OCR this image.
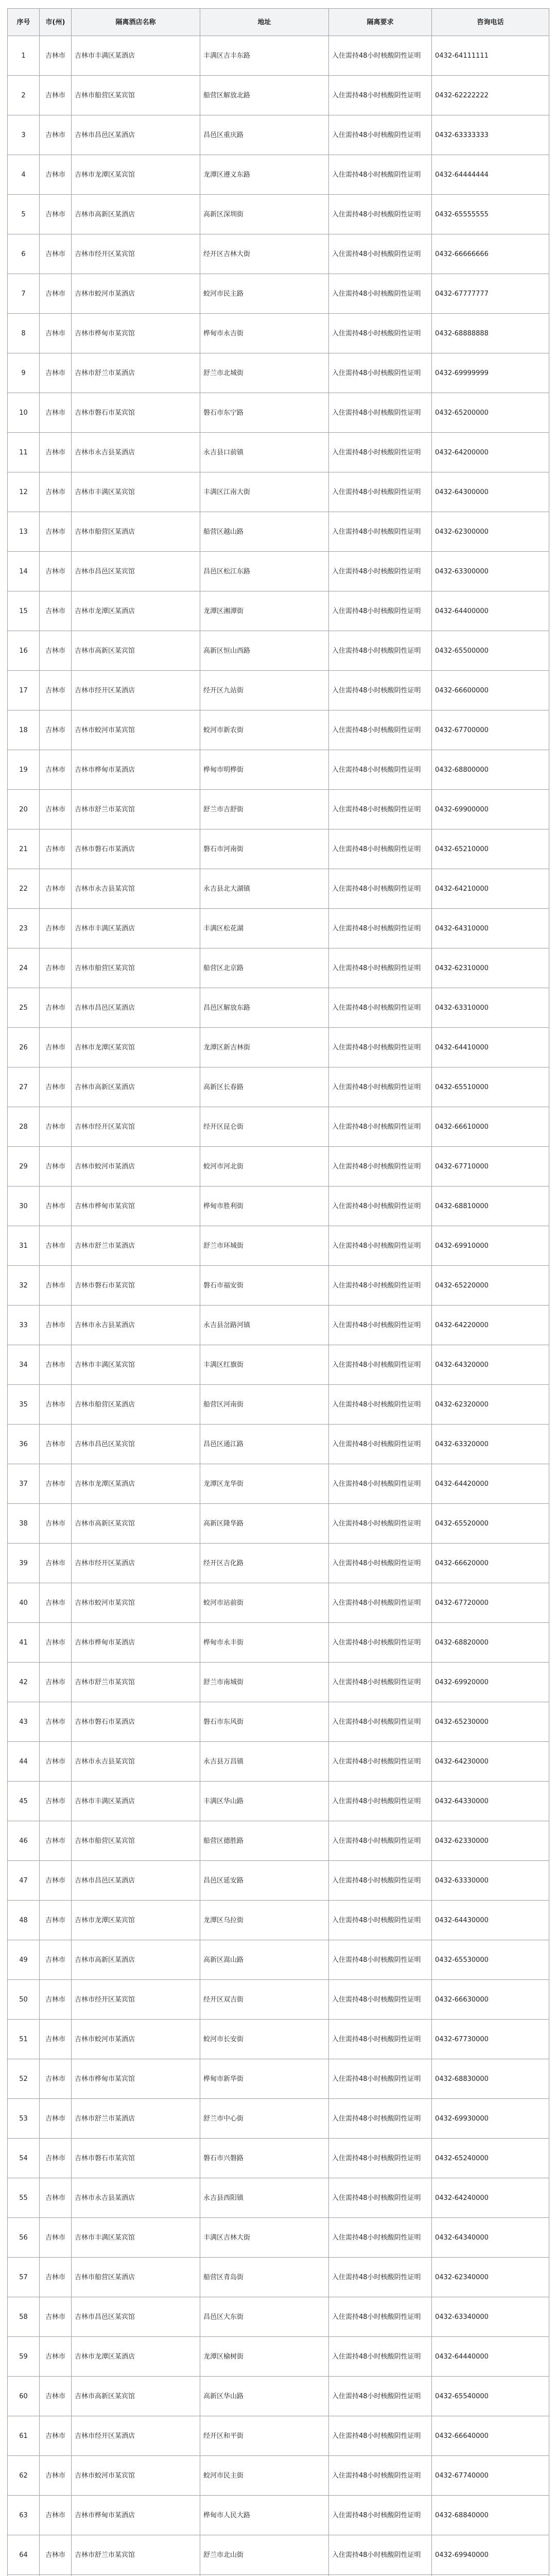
序号	市(州)	隔离酒店名称	地址	隔离要求	咨询电话
1	吉林市	吉林市丰满区某酒店	丰满区吉丰东路	入住需持48小时核酸阴性证明	0432-64111111
2	吉林市	吉林市船营区某宾馆	船营区解放北路	入住需持48小时核酸阴性证明	0432-62222222
3	吉林市	吉林市昌邑区某酒店	昌邑区重庆路	入住需持48小时核酸阴性证明	0432-63333333
4	吉林市	吉林市龙潭区某宾馆	龙潭区遵义东路	入住需持48小时核酸阴性证明	0432-64444444
5	吉林市	吉林市高新区某酒店	高新区深圳街	入住需持48小时核酸阴性证明	0432-65555555
6	吉林市	吉林市经开区某宾馆	经开区吉林大街	入住需持48小时核酸阴性证明	0432-66666666
7	吉林市	吉林市蛟河市某酒店	蛟河市民主路	入住需持48小时核酸阴性证明	0432-67777777
8	吉林市	吉林市桦甸市某宾馆	桦甸市永吉街	入住需持48小时核酸阴性证明	0432-68888888
9	吉林市	吉林市舒兰市某酒店	舒兰市北城街	入住需持48小时核酸阴性证明	0432-69999999
10	吉林市	吉林市磐石市某宾馆	磐石市东宁路	入住需持48小时核酸阴性证明	0432-65200000
11	吉林市	吉林市永吉县某酒店	永吉县口前镇	入住需持48小时核酸阴性证明	0432-64200000
12	吉林市	吉林市丰满区某宾馆	丰满区江南大街	入住需持48小时核酸阴性证明	0432-64300000
13	吉林市	吉林市船营区某酒店	船营区越山路	入住需持48小时核酸阴性证明	0432-62300000
14	吉林市	吉林市昌邑区某宾馆	昌邑区松江东路	入住需持48小时核酸阴性证明	0432-63300000
15	吉林市	吉林市龙潭区某酒店	龙潭区湘潭街	入住需持48小时核酸阴性证明	0432-64400000
16	吉林市	吉林市高新区某宾馆	高新区恒山西路	入住需持48小时核酸阴性证明	0432-65500000
17	吉林市	吉林市经开区某酒店	经开区九站街	入住需持48小时核酸阴性证明	0432-66600000
18	吉林市	吉林市蛟河市某宾馆	蛟河市新农街	入住需持48小时核酸阴性证明	0432-67700000
19	吉林市	吉林市桦甸市某酒店	桦甸市明桦街	入住需持48小时核酸阴性证明	0432-68800000
20	吉林市	吉林市舒兰市某宾馆	舒兰市吉舒街	入住需持48小时核酸阴性证明	0432-69900000
21	吉林市	吉林市磐石市某酒店	磐石市河南街	入住需持48小时核酸阴性证明	0432-65210000
22	吉林市	吉林市永吉县某宾馆	永吉县北大湖镇	入住需持48小时核酸阴性证明	0432-64210000
23	吉林市	吉林市丰满区某酒店	丰满区松花湖	入住需持48小时核酸阴性证明	0432-64310000
24	吉林市	吉林市船营区某宾馆	船营区北京路	入住需持48小时核酸阴性证明	0432-62310000
25	吉林市	吉林市昌邑区某酒店	昌邑区解放东路	入住需持48小时核酸阴性证明	0432-63310000
26	吉林市	吉林市龙潭区某宾馆	龙潭区新吉林街	入住需持48小时核酸阴性证明	0432-64410000
27	吉林市	吉林市高新区某酒店	高新区长春路	入住需持48小时核酸阴性证明	0432-65510000
28	吉林市	吉林市经开区某宾馆	经开区昆仑街	入住需持48小时核酸阴性证明	0432-66610000
29	吉林市	吉林市蛟河市某酒店	蛟河市河北街	入住需持48小时核酸阴性证明	0432-67710000
30	吉林市	吉林市桦甸市某宾馆	桦甸市胜利街	入住需持48小时核酸阴性证明	0432-68810000
31	吉林市	吉林市舒兰市某酒店	舒兰市环城街	入住需持48小时核酸阴性证明	0432-69910000
32	吉林市	吉林市磐石市某宾馆	磐石市福安街	入住需持48小时核酸阴性证明	0432-65220000
33	吉林市	吉林市永吉县某酒店	永吉县岔路河镇	入住需持48小时核酸阴性证明	0432-64220000
34	吉林市	吉林市丰满区某宾馆	丰满区红旗街	入住需持48小时核酸阴性证明	0432-64320000
35	吉林市	吉林市船营区某酒店	船营区河南街	入住需持48小时核酸阴性证明	0432-62320000
36	吉林市	吉林市昌邑区某宾馆	昌邑区通江路	入住需持48小时核酸阴性证明	0432-63320000
37	吉林市	吉林市龙潭区某酒店	龙潭区龙华街	入住需持48小时核酸阴性证明	0432-64420000
38	吉林市	吉林市高新区某宾馆	高新区隆华路	入住需持48小时核酸阴性证明	0432-65520000
39	吉林市	吉林市经开区某酒店	经开区吉化路	入住需持48小时核酸阴性证明	0432-66620000
40	吉林市	吉林市蛟河市某宾馆	蛟河市站前街	入住需持48小时核酸阴性证明	0432-67720000
41	吉林市	吉林市桦甸市某酒店	桦甸市永丰街	入住需持48小时核酸阴性证明	0432-68820000
42	吉林市	吉林市舒兰市某宾馆	舒兰市南城街	入住需持48小时核酸阴性证明	0432-69920000
43	吉林市	吉林市磐石市某酒店	磐石市东风街	入住需持48小时核酸阴性证明	0432-65230000
44	吉林市	吉林市永吉县某宾馆	永吉县万昌镇	入住需持48小时核酸阴性证明	0432-64230000
45	吉林市	吉林市丰满区某酒店	丰满区华山路	入住需持48小时核酸阴性证明	0432-64330000
46	吉林市	吉林市船营区某宾馆	船营区德胜路	入住需持48小时核酸阴性证明	0432-62330000
47	吉林市	吉林市昌邑区某酒店	昌邑区延安路	入住需持48小时核酸阴性证明	0432-63330000
48	吉林市	吉林市龙潭区某宾馆	龙潭区乌拉街	入住需持48小时核酸阴性证明	0432-64430000
49	吉林市	吉林市高新区某酒店	高新区嵩山路	入住需持48小时核酸阴性证明	0432-65530000
50	吉林市	吉林市经开区某宾馆	经开区双吉街	入住需持48小时核酸阴性证明	0432-66630000
51	吉林市	吉林市蛟河市某酒店	蛟河市长安街	入住需持48小时核酸阴性证明	0432-67730000
52	吉林市	吉林市桦甸市某宾馆	桦甸市新华街	入住需持48小时核酸阴性证明	0432-68830000
53	吉林市	吉林市舒兰市某酒店	舒兰市中心街	入住需持48小时核酸阴性证明	0432-69930000
54	吉林市	吉林市磐石市某宾馆	磐石市兴磐路	入住需持48小时核酸阴性证明	0432-65240000
55	吉林市	吉林市永吉县某酒店	永吉县西阳镇	入住需持48小时核酸阴性证明	0432-64240000
56	吉林市	吉林市丰满区某宾馆	丰满区吉林大街	入住需持48小时核酸阴性证明	0432-64340000
57	吉林市	吉林市船营区某酒店	船营区青岛街	入住需持48小时核酸阴性证明	0432-62340000
58	吉林市	吉林市昌邑区某宾馆	昌邑区大东街	入住需持48小时核酸阴性证明	0432-63340000
59	吉林市	吉林市龙潭区某酒店	龙潭区榆树街	入住需持48小时核酸阴性证明	0432-64440000
60	吉林市	吉林市高新区某宾馆	高新区华山路	入住需持48小时核酸阴性证明	0432-65540000
61	吉林市	吉林市经开区某酒店	经开区和平街	入住需持48小时核酸阴性证明	0432-66640000
62	吉林市	吉林市蛟河市某宾馆	蛟河市民主街	入住需持48小时核酸阴性证明	0432-67740000
63	吉林市	吉林市桦甸市某酒店	桦甸市人民大路	入住需持48小时核酸阴性证明	0432-68840000
64	吉林市	吉林市舒兰市某宾馆	舒兰市北山街	入住需持48小时核酸阴性证明	0432-69940000
